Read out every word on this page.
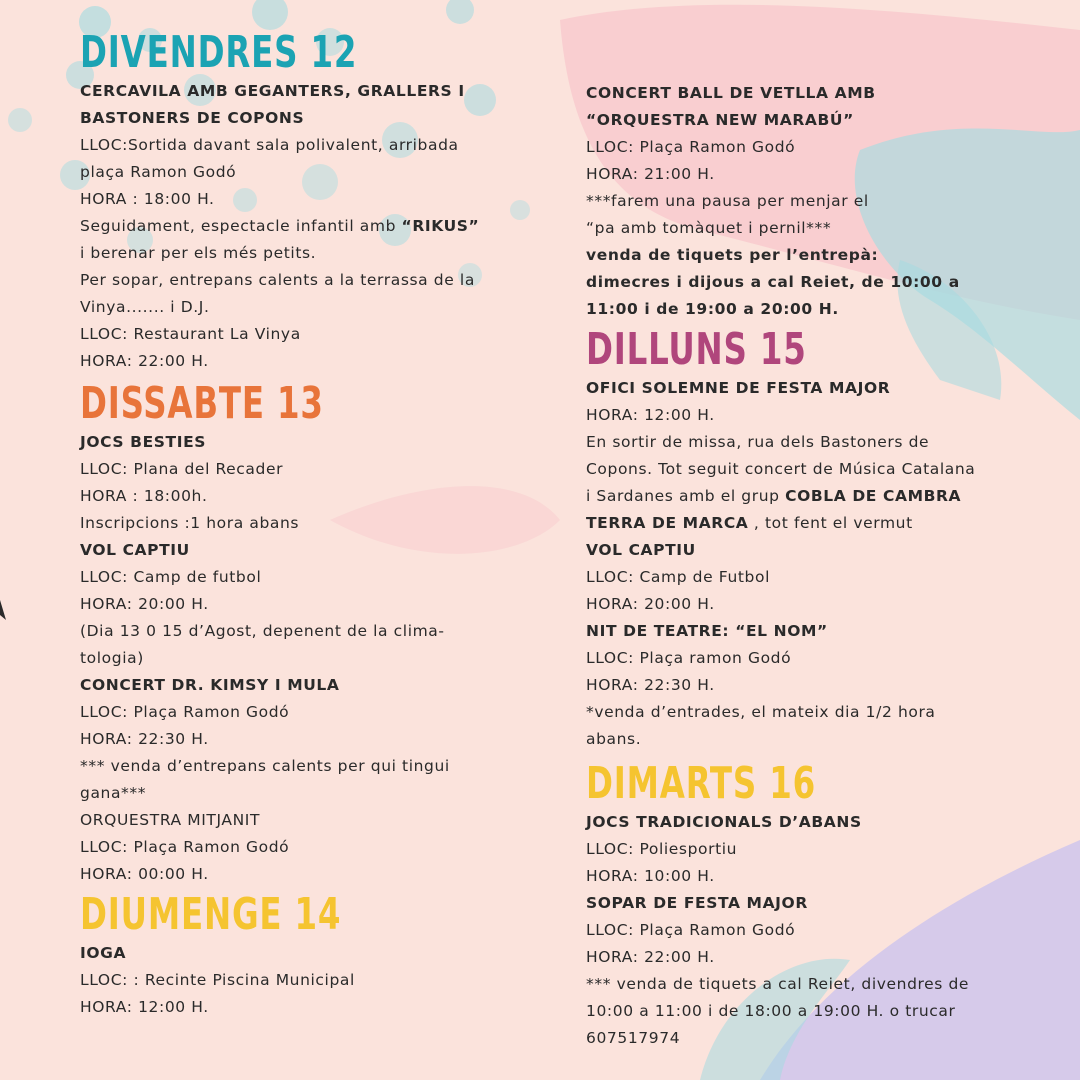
DIVENDRES 12
CERCAVILA AMB GEGANTERS, GRALLERS I
BASTONERS DE COPONS
LLOC:Sortida davant sala polivalent, arribada
plaça Ramon Godó
HORA : 18:00 H.
Seguidament, espectacle infantil amb “RIKUS”
i berenar per els més petits.
Per sopar, entrepans calents a la terrassa de la
Vinya....... i D.J.
LLOC: Restaurant La Vinya
HORA: 22:00 H.
DISSABTE 13
JOCS BESTIES
LLOC: Plana del Recader
HORA : 18:00h.
Inscripcions :1 hora abans
VOL CAPTIU
LLOC: Camp de futbol
HORA: 20:00 H.
(Dia 13 0 15 d’Agost, depenent de la clima-
tologia)
CONCERT DR. KIMSY I MULA
LLOC: Plaça Ramon Godó
HORA: 22:30 H.
*** venda d’entrepans calents per qui tingui
gana***
ORQUESTRA MITJANIT
LLOC: Plaça Ramon Godó
HORA: 00:00 H.
DIUMENGE 14
IOGA
LLOC: : Recinte Piscina Municipal
HORA: 12:00 H.
CONCERT BALL DE VETLLA AMB
“ORQUESTRA NEW MARABÚ”
LLOC: Plaça Ramon Godó
HORA: 21:00 H.
***farem una pausa per menjar el
“pa amb tomàquet i pernil***
venda de tiquets per l’entrepà:
dimecres i dijous a cal Reiet, de 10:00 a
11:00 i de 19:00 a 20:00 H.
DILLUNS 15
OFICI SOLEMNE DE FESTA MAJOR
HORA: 12:00 H.
En sortir de missa, rua dels Bastoners de
Copons. Tot seguit concert de Música Catalana
i Sardanes amb el grup COBLA DE CAMBRA
TERRA DE MARCA , tot fent el vermut
VOL CAPTIU
LLOC: Camp de Futbol
HORA: 20:00 H.
NIT DE TEATRE: “EL NOM”
LLOC: Plaça ramon Godó
HORA: 22:30 H.
*venda d’entrades, el mateix dia 1/2 hora
abans.
DIMARTS 16
JOCS TRADICIONALS D’ABANS
LLOC: Poliesportiu
HORA: 10:00 H.
SOPAR DE FESTA MAJOR
LLOC: Plaça Ramon Godó
HORA: 22:00 H.
*** venda de tiquets a cal Reiet, divendres de
10:00 a 11:00 i de 18:00 a 19:00 H. o trucar
607517974
